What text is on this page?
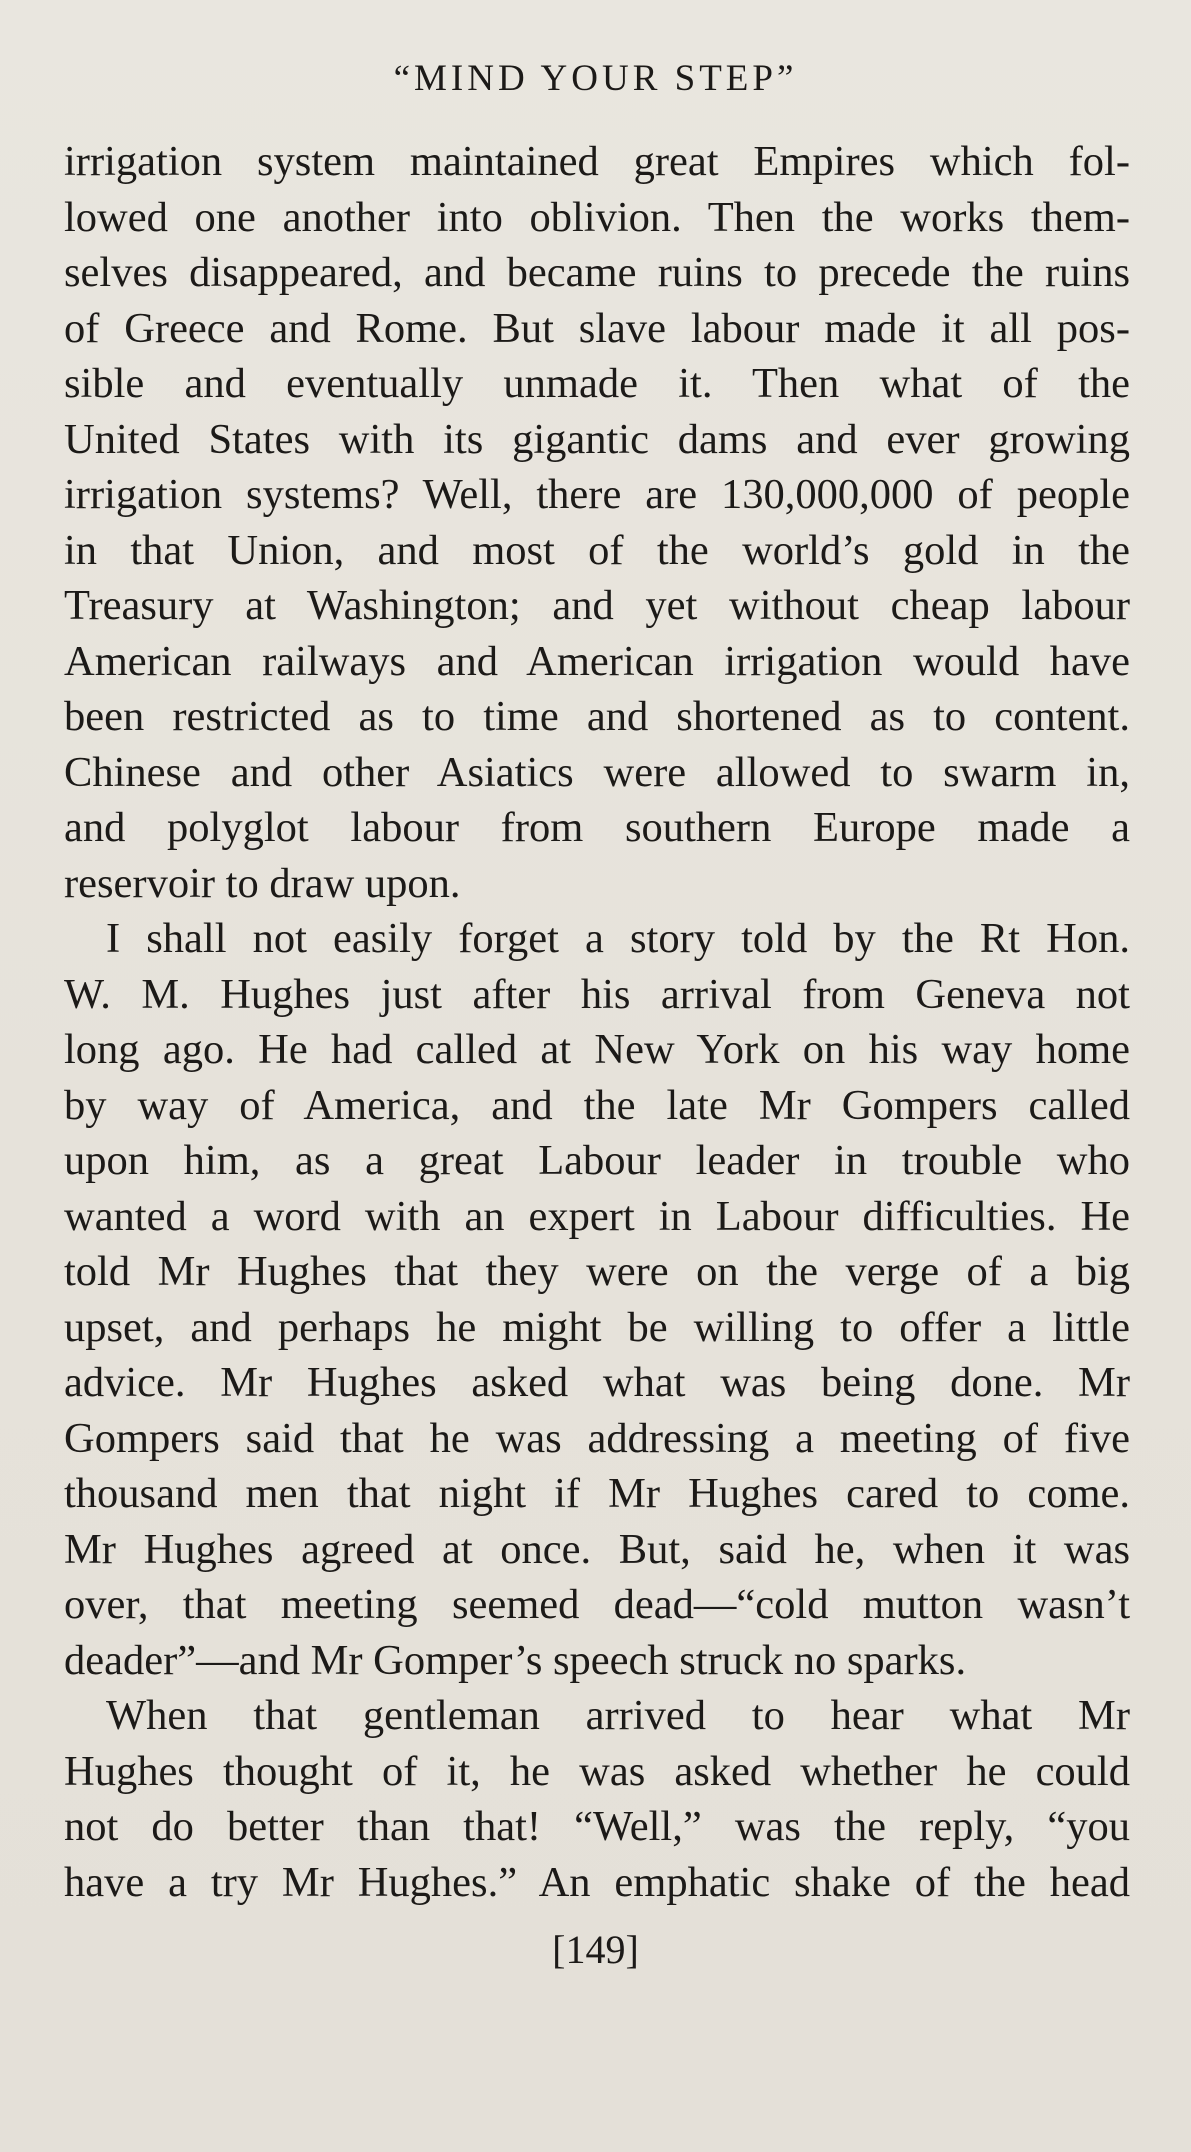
“MIND YOUR STEP”
irrigation system maintained great Empires which fol-
lowed one another into oblivion. Then the works them-
selves disappeared, and became ruins to precede the ruins
of Greece and Rome. But slave labour made it all pos-
sible and eventually unmade it. Then what of the
United States with its gigantic dams and ever growing
irrigation systems? Well, there are 130,000,000 of people
in that Union, and most of the world’s gold in the
Treasury at Washington; and yet without cheap labour
American railways and American irrigation would have
been restricted as to time and shortened as to content.
Chinese and other Asiatics were allowed to swarm in,
and polyglot labour from southern Europe made a
reservoir to draw upon.
I shall not easily forget a story told by the Rt Hon.
W. M. Hughes just after his arrival from Geneva not
long ago. He had called at New York on his way home
by way of America, and the late Mr Gompers called
upon him, as a great Labour leader in trouble who
wanted a word with an expert in Labour difficulties. He
told Mr Hughes that they were on the verge of a big
upset, and perhaps he might be willing to offer a little
advice. Mr Hughes asked what was being done. Mr
Gompers said that he was addressing a meeting of five
thousand men that night if Mr Hughes cared to come.
Mr Hughes agreed at once. But, said he, when it was
over, that meeting seemed dead—“cold mutton wasn’t
deader”—and Mr Gomper’s speech struck no sparks.
When that gentleman arrived to hear what Mr
Hughes thought of it, he was asked whether he could
not do better than that! “Well,” was the reply, “you
have a try Mr Hughes.” An emphatic shake of the head
[149]
